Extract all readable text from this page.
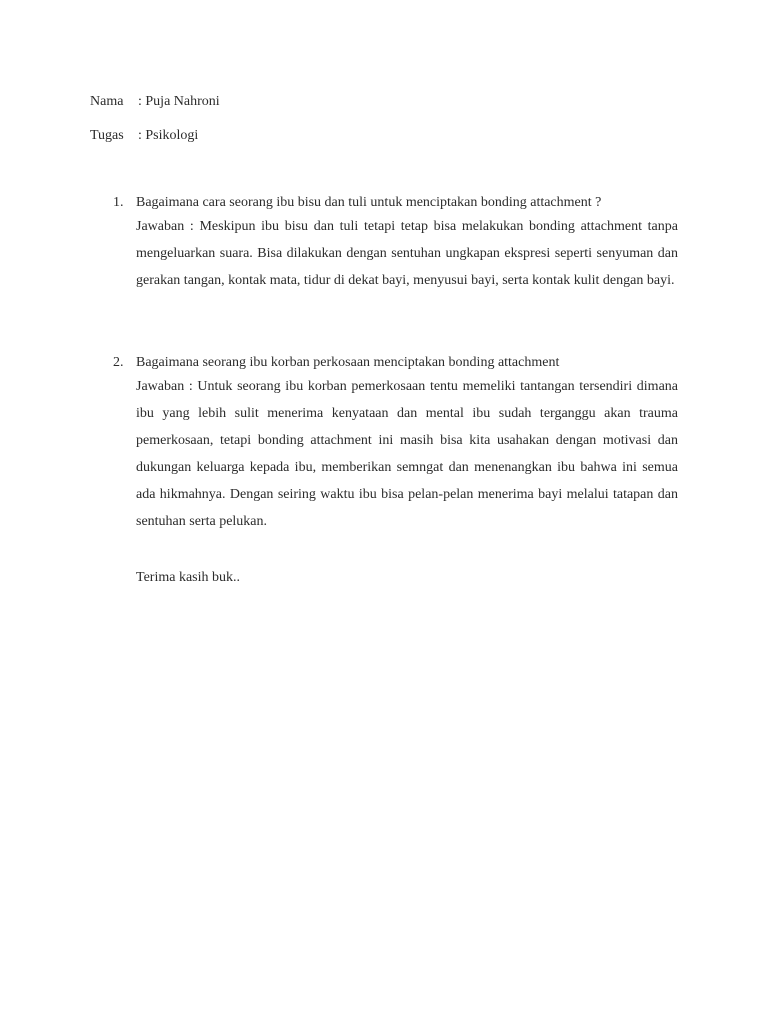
Nama : Puja Nahroni
Tugas : Psikologi
1. Bagaimana cara seorang ibu bisu dan tuli untuk menciptakan bonding attachment ?
Jawaban : Meskipun ibu bisu dan tuli tetapi tetap bisa melakukan bonding attachment tanpa mengeluarkan suara. Bisa dilakukan dengan sentuhan ungkapan ekspresi seperti senyuman dan gerakan tangan, kontak mata, tidur di dekat bayi, menyusui bayi, serta kontak kulit dengan bayi.
2. Bagaimana seorang ibu korban perkosaan menciptakan bonding attachment
Jawaban : Untuk seorang ibu korban pemerkosaan tentu memeliki tantangan tersendiri dimana ibu yang lebih sulit menerima kenyataan dan mental ibu sudah terganggu akan trauma pemerkosaan, tetapi bonding attachment ini masih bisa kita usahakan dengan motivasi dan dukungan keluarga kepada ibu, memberikan semngat dan menenangkan ibu bahwa ini semua ada hikmahnya. Dengan seiring waktu ibu bisa pelan-pelan menerima bayi melalui tatapan dan sentuhan serta pelukan.
Terima kasih buk..
